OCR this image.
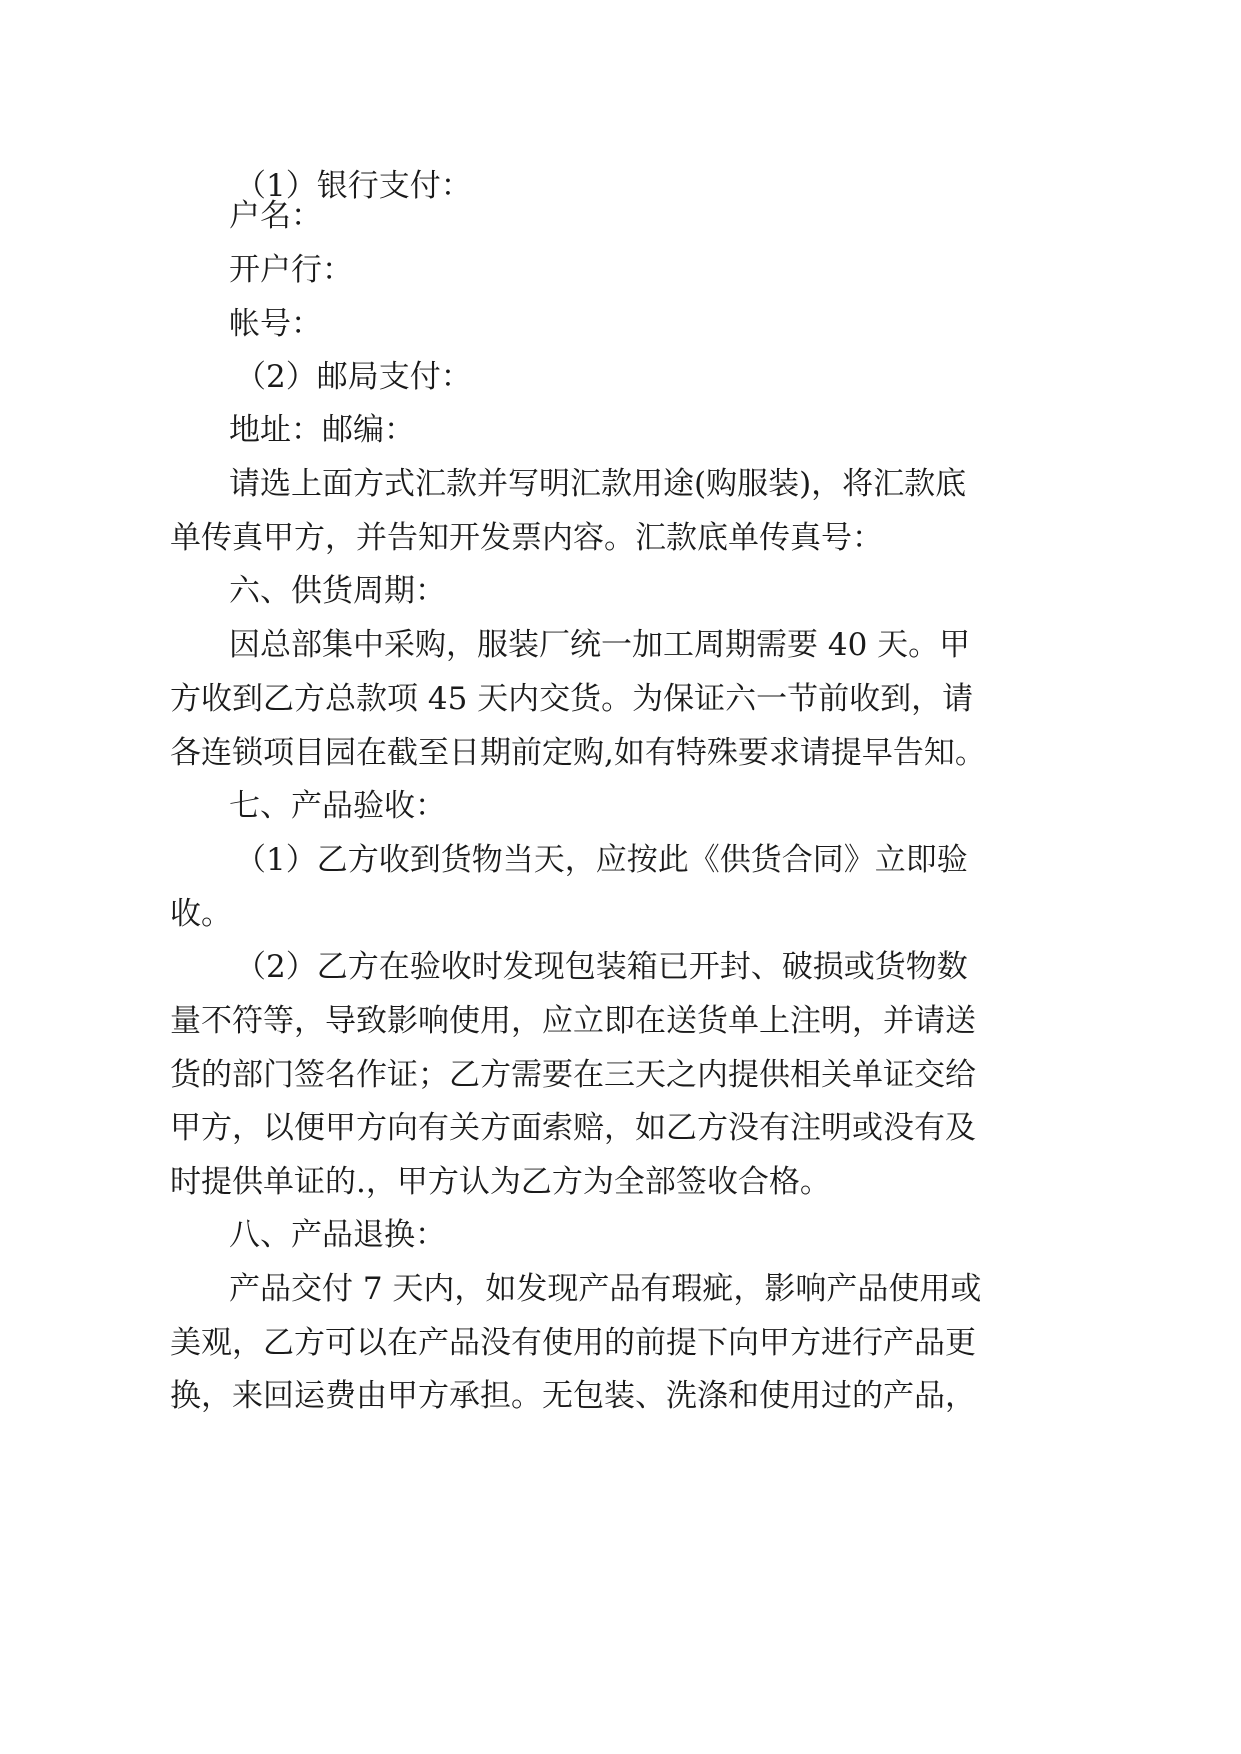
（1）银行支付：
户名：
开户行：
帐号：
（2）邮局支付：
地址：邮编：
请选上面方式汇款并写明汇款用途(购服装)，将汇款底
单传真甲方，并告知开发票内容。汇款底单传真号：
六、供货周期：
因总部集中采购，服装厂统一加工周期需要 40 天。甲
方收到乙方总款项 45 天内交货。为保证六一节前收到，请
各连锁项目园在截至日期前定购,如有特殊要求请提早告知。
七、产品验收：
（1）乙方收到货物当天，应按此《供货合同》立即验
收。
（2）乙方在验收时发现包装箱已开封、破损或货物数
量不符等，导致影响使用，应立即在送货单上注明，并请送
货的部门签名作证；乙方需要在三天之内提供相关单证交给
甲方，以便甲方向有关方面索赔，如乙方没有注明或没有及
时提供单证的.，甲方认为乙方为全部签收合格。
八、产品退换：
产品交付 7 天内，如发现产品有瑕疵，影响产品使用或
美观，乙方可以在产品没有使用的前提下向甲方进行产品更
换，来回运费由甲方承担。无包装、洗涤和使用过的产品，
